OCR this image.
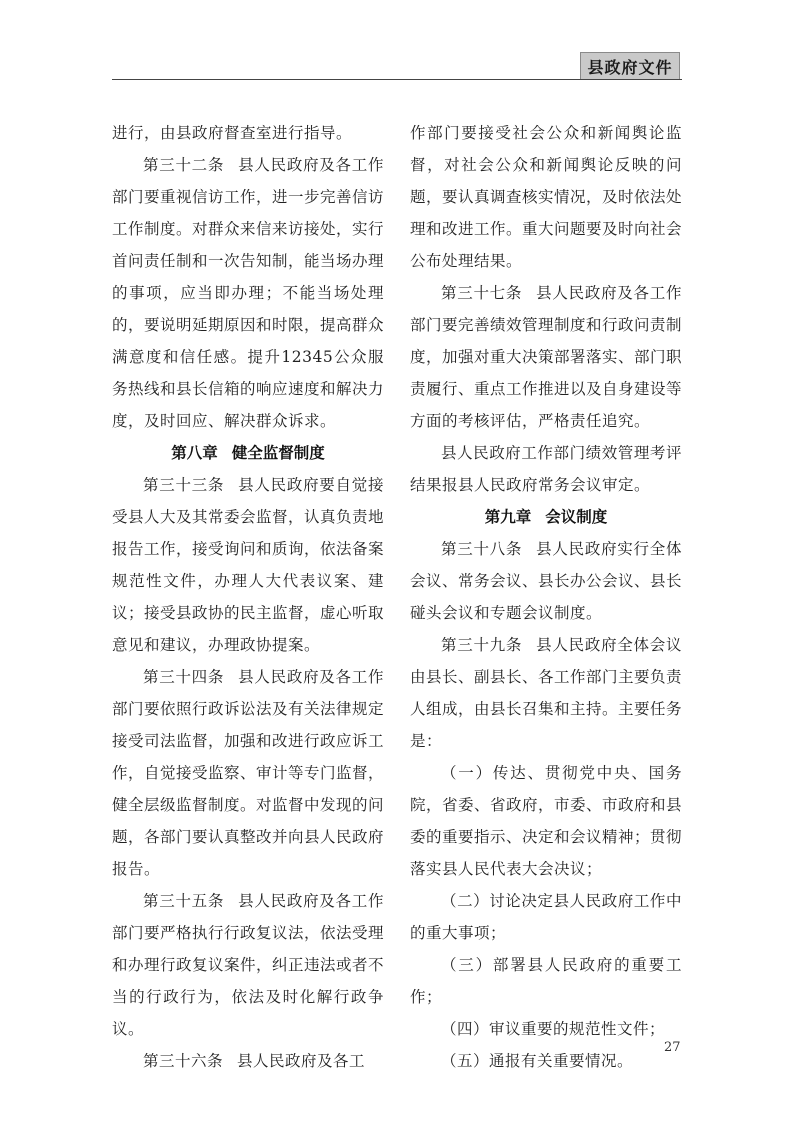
县政府文件

进行，由县政府督查室进行指导。

第三十二条 县人民政府及各工作部门要重视信访工作，进一步完善信访工作制度。对群众来信来访接处，实行首问责任制和一次告知制，能当场办理的事项，应当即办理；不能当场处理的，要说明延期原因和时限，提高群众满意度和信任感。提升12345公众服务热线和县长信箱的响应速度和解决力度，及时回应、解决群众诉求。

第八章 健全监督制度

第三十三条 县人民政府要自觉接受县人大及其常委会监督，认真负责地报告工作，接受询问和质询，依法备案规范性文件，办理人大代表议案、建议；接受县政协的民主监督，虚心听取意见和建议，办理政协提案。

第三十四条 县人民政府及各工作部门要依照行政诉讼法及有关法律规定接受司法监督，加强和改进行政应诉工作，自觉接受监察、审计等专门监督，健全层级监督制度。对监督中发现的问题，各部门要认真整改并向县人民政府报告。

第三十五条 县人民政府及各工作部门要严格执行行政复议法，依法受理和办理行政复议案件，纠正违法或者不当的行政行为，依法及时化解行政争议。

第三十六条 县人民政府及各工

作部门要接受社会公众和新闻舆论监督，对社会公众和新闻舆论反映的问题，要认真调查核实情况，及时依法处理和改进工作。重大问题要及时向社会公布处理结果。

第三十七条 县人民政府及各工作部门要完善绩效管理制度和行政问责制度，加强对重大决策部署落实、部门职责履行、重点工作推进以及自身建设等方面的考核评估，严格责任追究。

县人民政府工作部门绩效管理考评结果报县人民政府常务会议审定。

第九章 会议制度

第三十八条 县人民政府实行全体会议、常务会议、县长办公会议、县长碰头会议和专题会议制度。

第三十九条 县人民政府全体会议由县长、副县长、各工作部门主要负责人组成，由县长召集和主持。主要任务是：

（一）传达、贯彻党中央、国务院，省委、省政府，市委、市政府和县委的重要指示、决定和会议精神；贯彻落实县人民代表大会决议；

（二）讨论决定县人民政府工作中的重大事项；

（三）部署县人民政府的重要工作；

（四）审议重要的规范性文件；

（五）通报有关重要情况。

27
